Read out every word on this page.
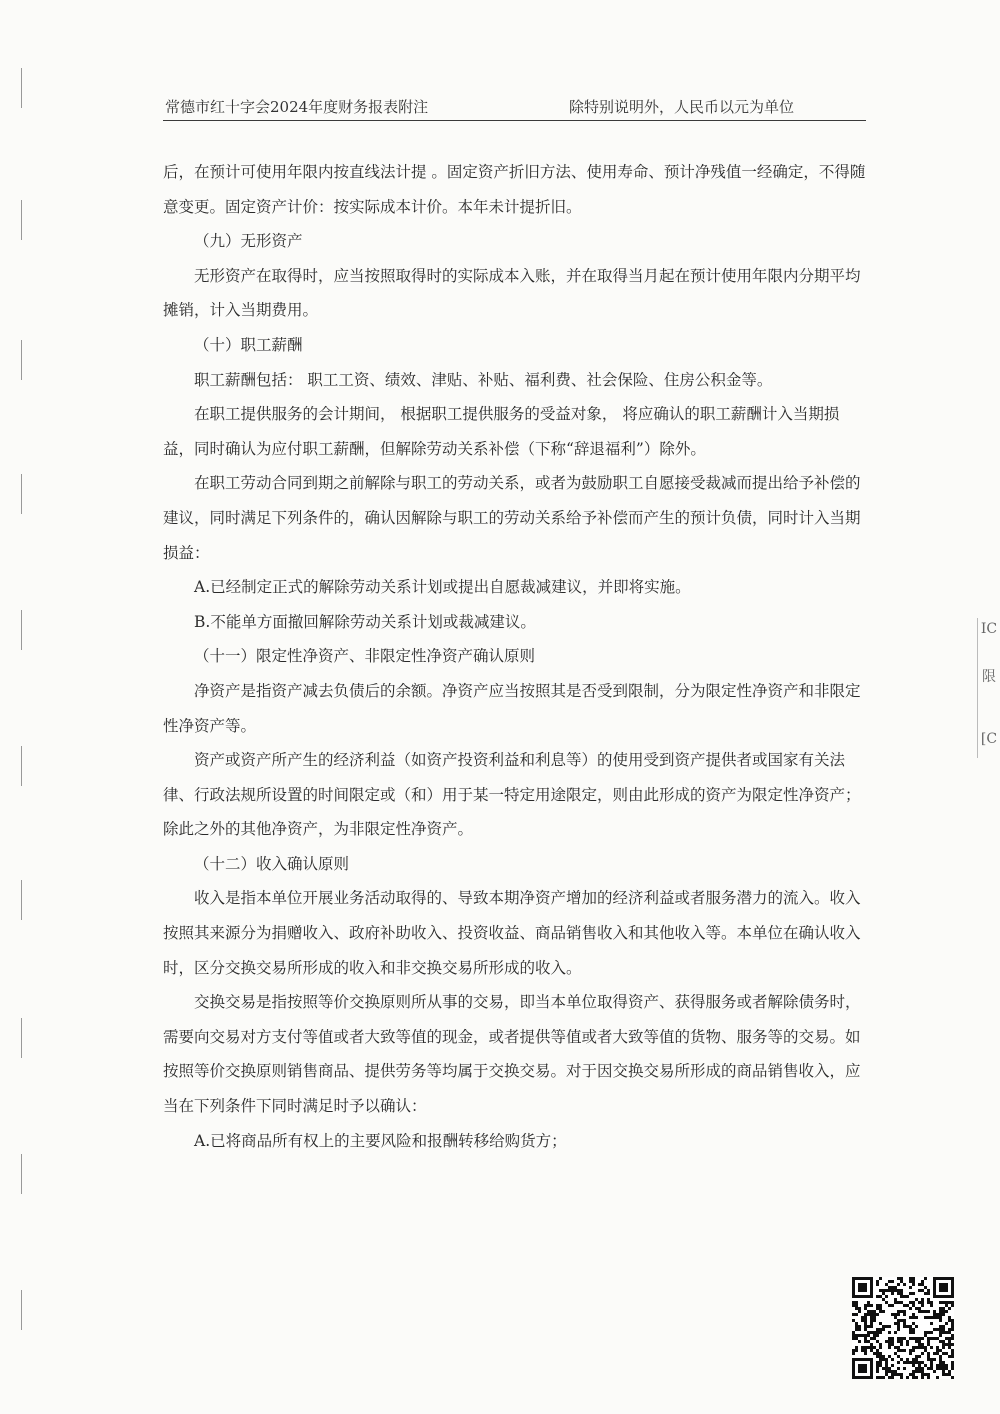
常德市红十字会2024年度财务报表附注	除特别说明外，人民币以元为单位

后，在预计可使用年限内按直线法计提 。固定资产折旧方法、使用寿命、预计净残值一经确定，不得随意变更。固定资产计价：按实际成本计价。本年未计提折旧。

（九）无形资产

无形资产在取得时，应当按照取得时的实际成本入账，并在取得当月起在预计使用年限内分期平均摊销，计入当期费用。

（十）职工薪酬

职工薪酬包括： 职工工资、绩效、津贴、补贴、福利费、社会保险、住房公积金等。

在职工提供服务的会计期间， 根据职工提供服务的受益对象， 将应确认的职工薪酬计入当期损益，同时确认为应付职工薪酬，但解除劳动关系补偿（下称“辞退福利”）除外。

在职工劳动合同到期之前解除与职工的劳动关系，或者为鼓励职工自愿接受裁减而提出给予补偿的建议，同时满足下列条件的，确认因解除与职工的劳动关系给予补偿而产生的预计负债，同时计入当期损益：

A.已经制定正式的解除劳动关系计划或提出自愿裁减建议，并即将实施。

B.不能单方面撤回解除劳动关系计划或裁减建议。

（十一）限定性净资产、非限定性净资产确认原则

净资产是指资产减去负债后的余额。净资产应当按照其是否受到限制，分为限定性净资产和非限定性净资产等。

资产或资产所产生的经济利益（如资产投资利益和利息等）的使用受到资产提供者或国家有关法律、行政法规所设置的时间限定或（和）用于某一特定用途限定，则由此形成的资产为限定性净资产；除此之外的其他净资产，为非限定性净资产。

（十二）收入确认原则

收入是指本单位开展业务活动取得的、导致本期净资产增加的经济利益或者服务潜力的流入。收入按照其来源分为捐赠收入、政府补助收入、投资收益、商品销售收入和其他收入等。本单位在确认收入时，区分交换交易所形成的收入和非交换交易所形成的收入。

交换交易是指按照等价交换原则所从事的交易，即当本单位取得资产、获得服务或者解除债务时，需要向交易对方支付等值或者大致等值的现金，或者提供等值或者大致等值的货物、服务等的交易。如按照等价交换原则销售商品、提供劳务等均属于交换交易。对于因交换交易所形成的商品销售收入，应当在下列条件下同时满足时予以确认：

A.已将商品所有权上的主要风险和报酬转移给购货方；

IC
限
[C
